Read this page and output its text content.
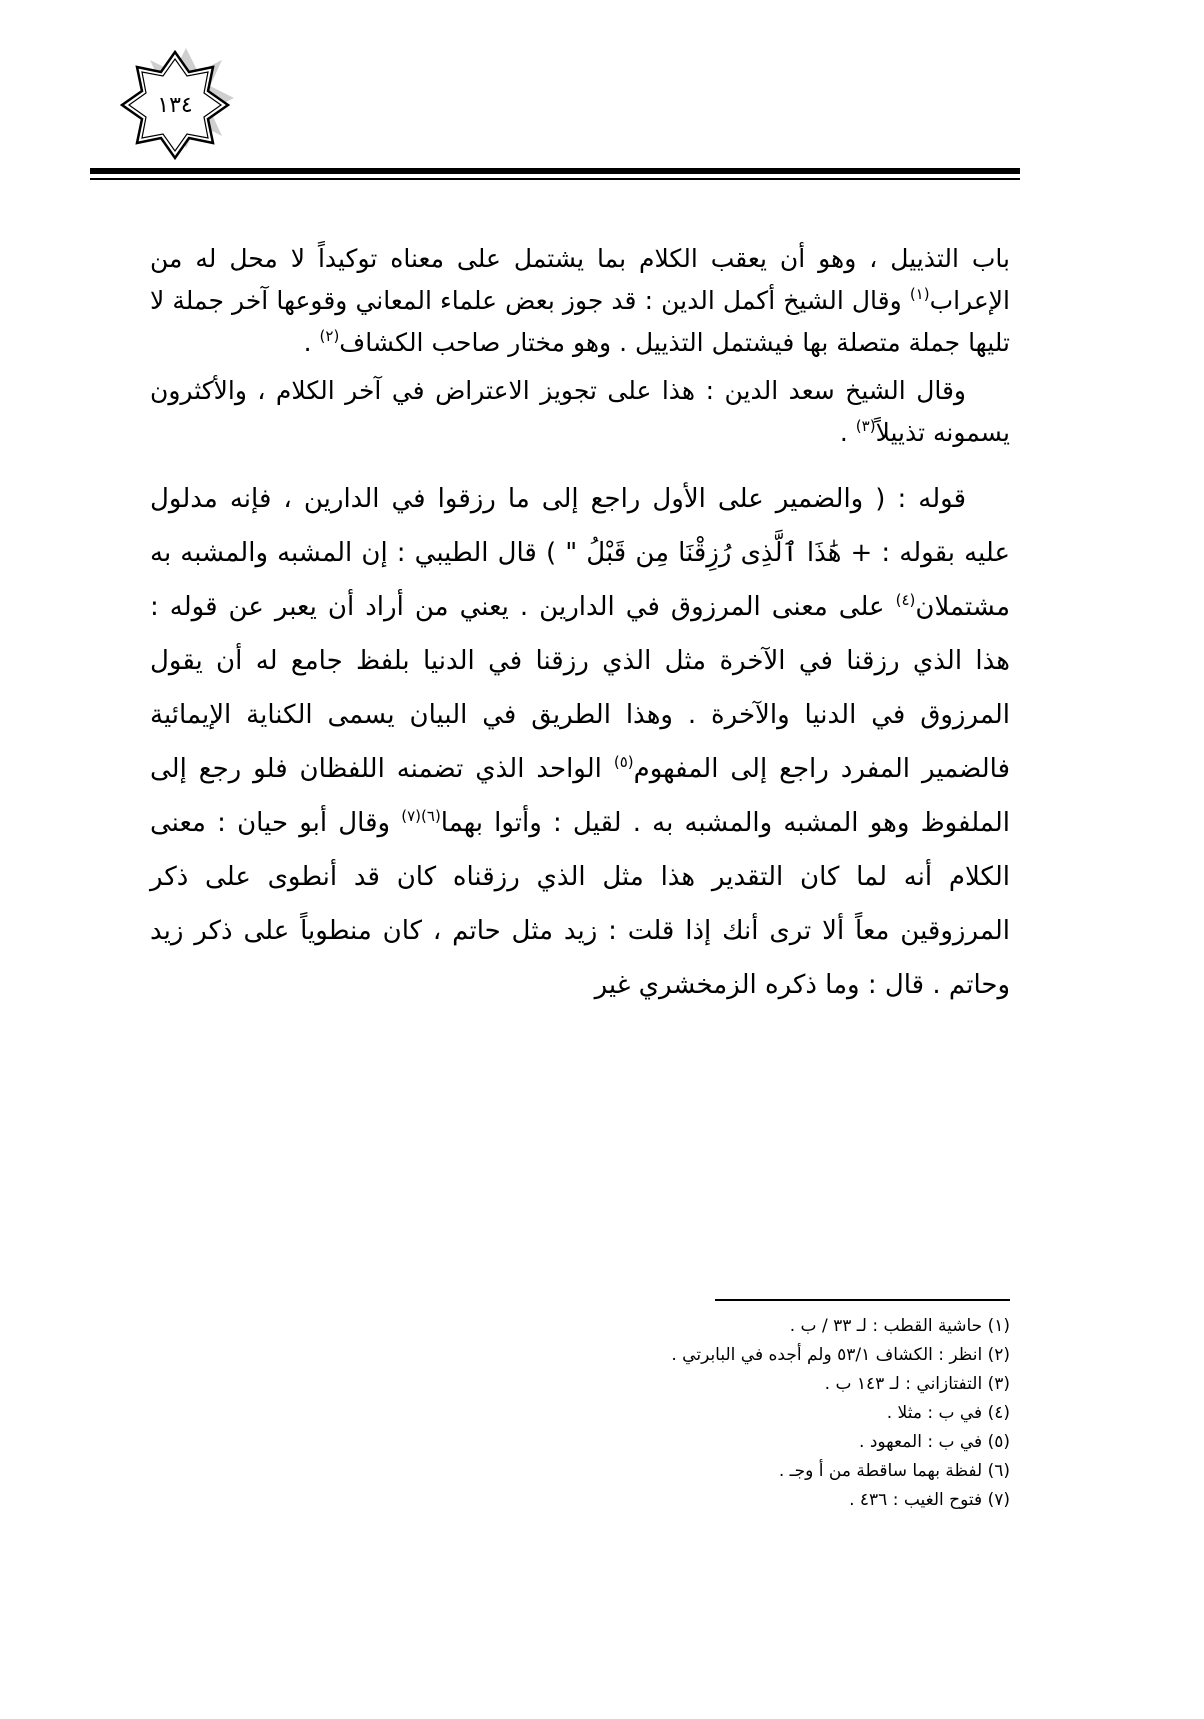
١٣٤

باب التذييل ، وهو أن يعقب الكلام بما يشتمل على معناه توكيداً لا محل له من الإعراب$^{(١)}$ وقال الشيخ أكمل الدين : قد جوز بعض علماء المعاني وقوعها آخر جملة لا تليها جملة متصلة بها فيشتمل التذييل . وهو مختار صاحب الكشاف$^{(٢)}$ .

وقال الشيخ سعد الدين : هذا على تجويز الاعتراض في آخر الكلام ، والأكثرون يسمونه تذييلاً$^{(٣)}$ .

قوله : ( والضمير على الأول راجع إلى ما رزقوا في الدارين ، فإنه مدلول عليه بقوله : + هَٰذَا ٱلَّذِى رُزِقْنَا مِن قَبْلُ " ) قال الطيبي : إن المشبه والمشبه به مشتملان$^{(٤)}$ على معنى المرزوق في الدارين . يعني من أراد أن يعبر عن قوله : هذا الذي رزقنا في الآخرة مثل الذي رزقنا في الدنيا بلفظ جامع له أن يقول المرزوق في الدنيا والآخرة . وهذا الطريق في البيان يسمى الكناية الإيمائية فالضمير المفرد راجع إلى المفهوم$^{(٥)}$ الواحد الذي تضمنه اللفظان فلو رجع إلى الملفوظ وهو المشبه والمشبه به . لقيل : وأتوا بهما$^{(٦)(٧)}$ وقال أبو حيان : معنى الكلام أنه لما كان التقدير هذا مثل الذي رزقناه كان قد أنطوى على ذكر المرزوقين معاً ألا ترى أنك إذا قلت : زيد مثل حاتم ، كان منطوياً على ذكر زيد وحاتم . قال : وما ذكره الزمخشري غير

(١) حاشية القطب : لـ ٣٣ / ب .

(٢) انظر : الكشاف ٥٣/١ ولم أجده في البابرتي .

(٣) التفتازاني : لـ ١٤٣ ب .

(٤) في ب : مثلا .

(٥) في ب : المعهود .

(٦) لفظة بهما ساقطة من أ وجـ .

(٧) فتوح الغيب : ٤٣٦ .
